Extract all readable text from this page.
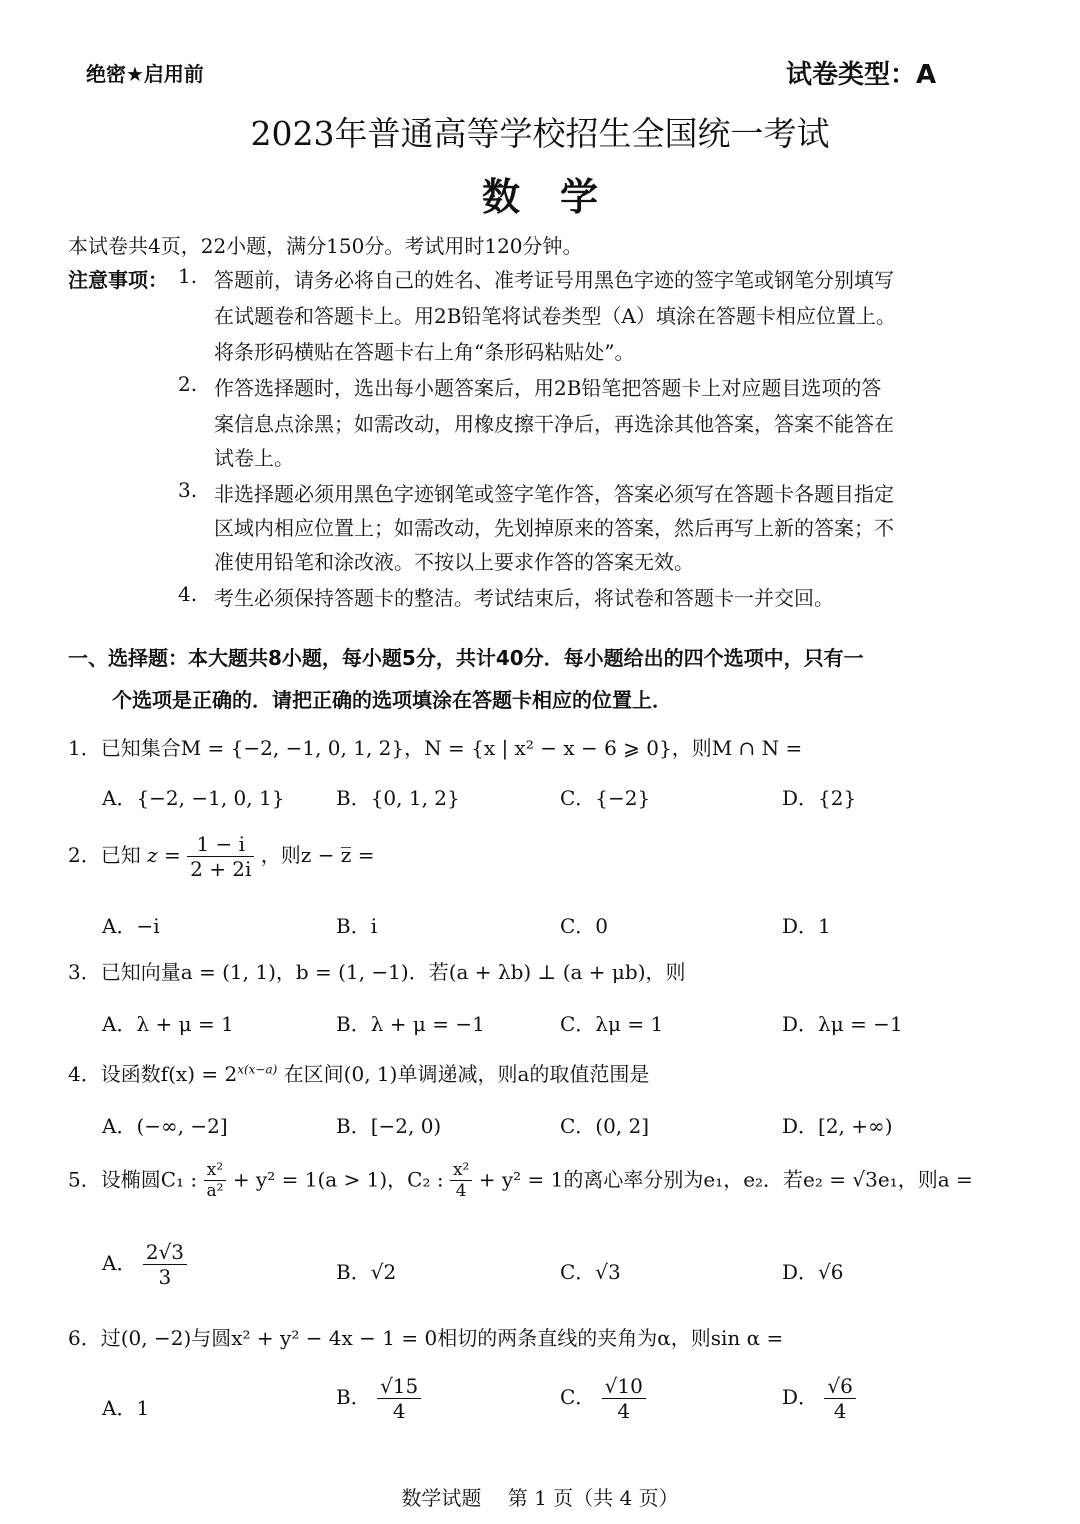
绝密★启用前	试卷类型：A
2023年普通高等学校招生全国统一考试
数学
本试卷共4页，22小题，满分150分。考试用时120分钟。
注意事项： 1. 答题前，请务必将自己的姓名、准考证号用黑色字迹的签字笔或钢笔分别填写
在试题卷和答题卡上。用2B铅笔将试卷类型（A）填涂在答题卡相应位置上。
将条形码横贴在答题卡右上角“条形码粘贴处”。
2. 作答选择题时，选出每小题答案后，用2B铅笔把答题卡上对应题目选项的答
案信息点涂黑；如需改动，用橡皮擦干净后，再选涂其他答案，答案不能答在
试卷上。
3. 非选择题必须用黑色字迹钢笔或签字笔作答，答案必须写在答题卡各题目指定
区域内相应位置上；如需改动，先划掉原来的答案，然后再写上新的答案；不
准使用铅笔和涂改液。不按以上要求作答的答案无效。
4. 考生必须保持答题卡的整洁。考试结束后，将试卷和答题卡一并交回。
一、选择题：本大题共8小题，每小题5分，共计40分．每小题给出的四个选项中，只有一
个选项是正确的．请把正确的选项填涂在答题卡相应的位置上．
1．已知集合M = {−2, −1, 0, 1, 2}，N = {x | x² − x − 6 ⩾ 0}，则M ∩ N =
A．{−2, −1, 0, 1}	B．{0, 1, 2}	C．{−2}	D．{2}
2．已知 $z = \frac{1 - i}{2 + 2i}$ ，则z − z̅ =
A．−i	B．i	C．0	D．1
3．已知向量a = (1, 1)，b = (1, −1)．若(a + λb) ⊥ (a + μb)，则
A．λ + μ = 1	B．λ + μ = −1	C．λμ = 1	D．λμ = −1
4．设函数$f(x) = 2^{x(x-a)}$ 在区间(0, 1)单调递减，则a的取值范围是
A．(−∞, −2]	B．[−2, 0)	C．(0, 2]	D．[2, +∞)
5．设椭圆C₁ : $\frac{\text{x²}}{\text{a²}} + y^2 = 1(a > 1)$，C₂ : $\frac{\text{x²}}{4} + y^2 = 1$的离心率分别为e₁，e₂．若e₂ = √3e₁，则a =
A． $\frac{2√3}{3}$	B．√2	C．√3	D．√6
6．过(0, −2)与圆x² + y² − 4x − 1 = 0相切的两条直线的夹角为α，则sin α =
A．1	B． $\frac{√15}{4}$	C． $\frac{√10}{4}$	D． $\frac{√6}{4}$
数学试题 第 1 页（共 4 页）
